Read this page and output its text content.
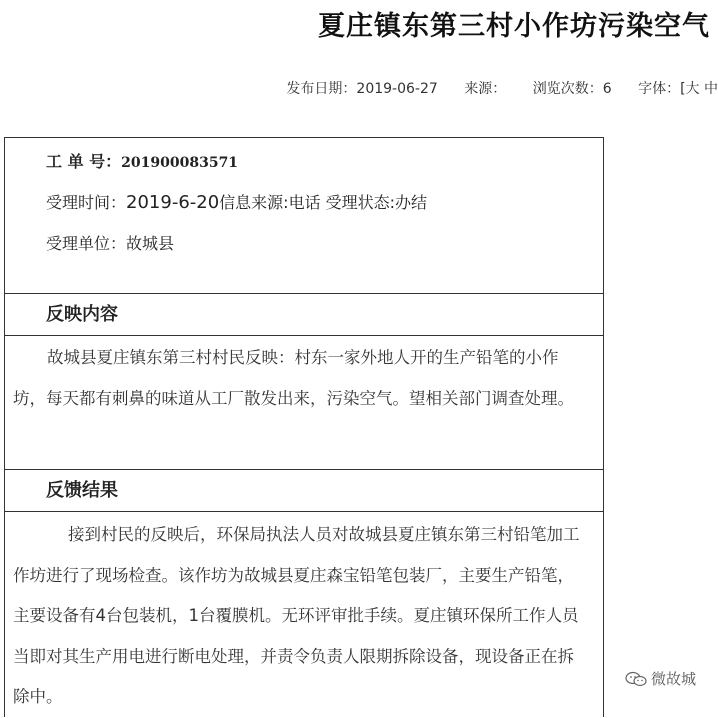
夏庄镇东第三村小作坊污染空气
发布日期：2019-06-27 来源： 浏览次数：6 字体：[大 中
工 单 号：201900083571
受理时间：2019-6-20信息来源:电话 受理状态:办结
受理单位：故城县
反映内容
故城县夏庄镇东第三村村民反映：村东一家外地人开的生产铅笔的小作坊，每天都有刺鼻的味道从工厂散发出来，污染空气。望相关部门调查处理。
反馈结果
接到村民的反映后，环保局执法人员对故城县夏庄镇东第三村铅笔加工作坊进行了现场检查。该作坊为故城县夏庄森宝铅笔包装厂，主要生产铅笔，主要设备有4台包装机，1台覆膜机。无环评审批手续。夏庄镇环保所工作人员当即对其生产用电进行断电处理，并责令负责人限期拆除设备，现设备正在拆除中。
微故城
